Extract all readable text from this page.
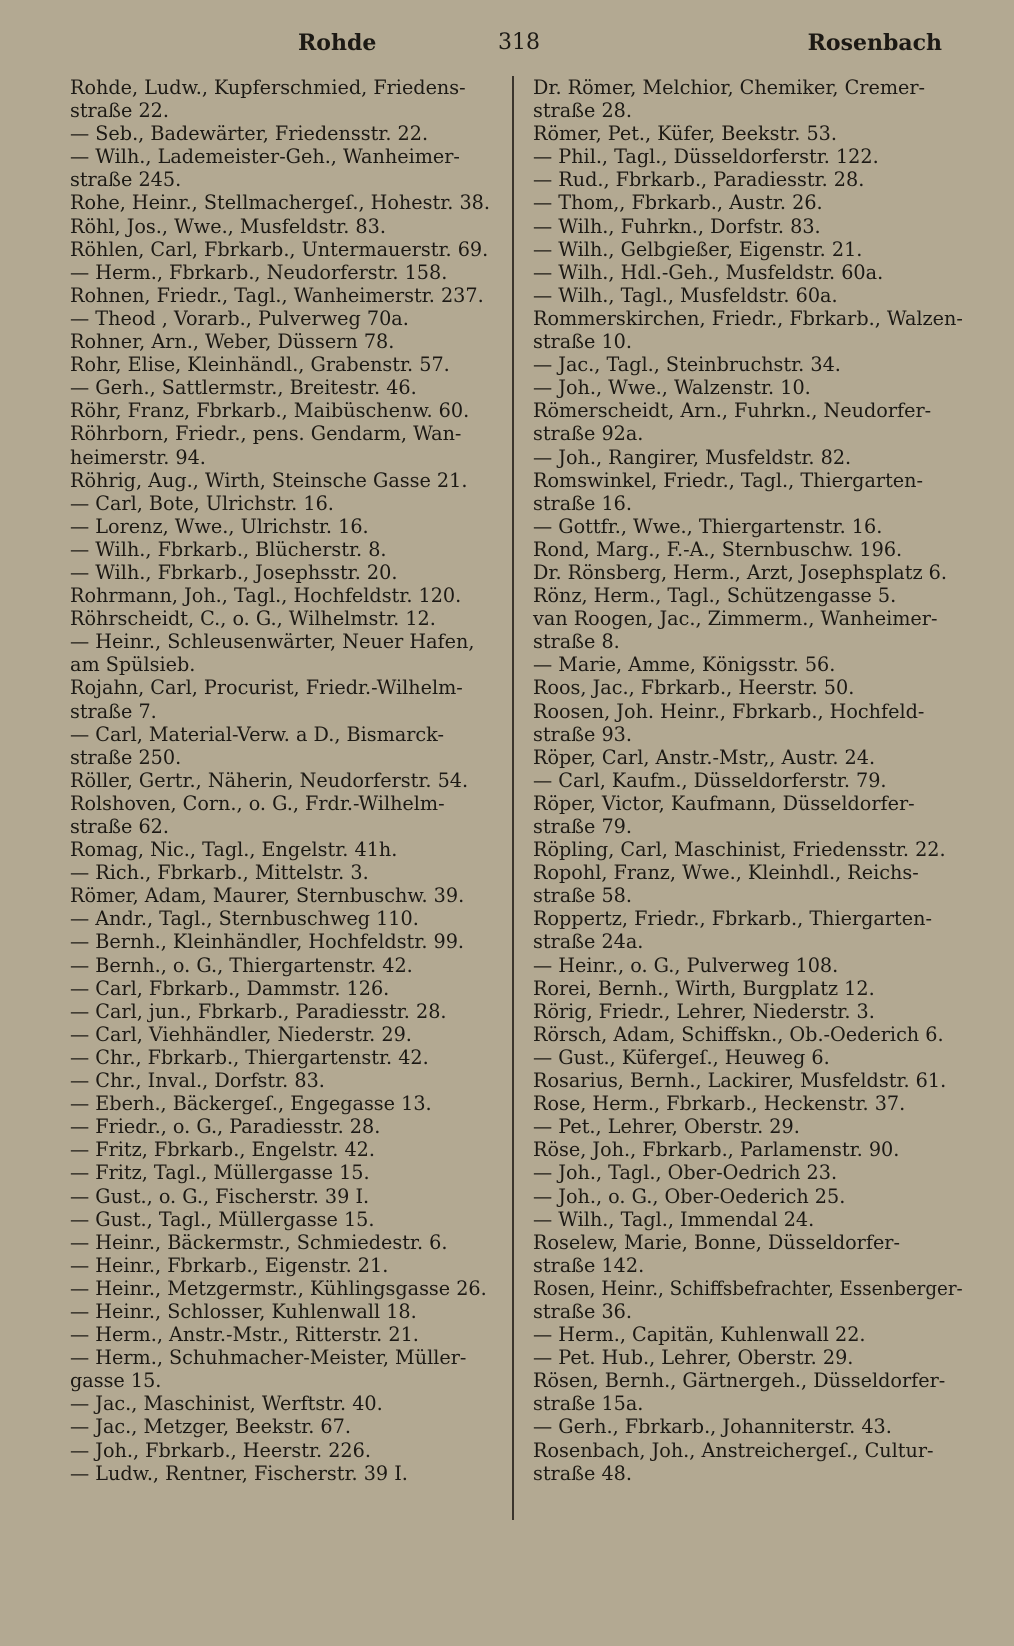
Rohde	318	Rosenbach
Rohde, Ludw., Kupferschmied, Friedens-
straße 22.
— Seb., Badewärter, Friedensstr. 22.
— Wilh., Lademeister-Geh., Wanheimer-
straße 245.
Rohe, Heinr., Stellmachergeſ., Hohestr. 38.
Röhl, Jos., Wwe., Musfeldstr. 83.
Röhlen, Carl, Fbrkarb., Untermauerstr. 69.
— Herm., Fbrkarb., Neudorferstr. 158.
Rohnen, Friedr., Tagl., Wanheimerstr. 237.
— Theod , Vorarb., Pulverweg 70a.
Rohner, Arn., Weber, Düssern 78.
Rohr, Elise, Kleinhändl., Grabenstr. 57.
— Gerh., Sattlermstr., Breitestr. 46.
Röhr, Franz, Fbrkarb., Maibüschenw. 60.
Röhrborn, Friedr., pens. Gendarm, Wan-
heimerstr. 94.
Röhrig, Aug., Wirth, Steinsche Gasse 21.
— Carl, Bote, Ulrichstr. 16.
— Lorenz, Wwe., Ulrichstr. 16.
— Wilh., Fbrkarb., Blücherstr. 8.
— Wilh., Fbrkarb., Josephsstr. 20.
Rohrmann, Joh., Tagl., Hochfeldstr. 120.
Röhrscheidt, C., o. G., Wilhelmstr. 12.
— Heinr., Schleusenwärter, Neuer Hafen,
am Spülsieb.
Rojahn, Carl, Procurist, Friedr.-Wilhelm-
straße 7.
— Carl, Material-Verw. a D., Bismarck-
straße 250.
Röller, Gertr., Näherin, Neudorferstr. 54.
Rolshoven, Corn., o. G., Frdr.-Wilhelm-
straße 62.
Romag, Nic., Tagl., Engelstr. 41h.
— Rich., Fbrkarb., Mittelstr. 3.
Römer, Adam, Maurer, Sternbuschw. 39.
— Andr., Tagl., Sternbuschweg 110.
— Bernh., Kleinhändler, Hochfeldstr. 99.
— Bernh., o. G., Thiergartenstr. 42.
— Carl, Fbrkarb., Dammstr. 126.
— Carl, jun., Fbrkarb., Paradiesstr. 28.
— Carl, Viehhändler, Niederstr. 29.
— Chr., Fbrkarb., Thiergartenstr. 42.
— Chr., Inval., Dorfstr. 83.
— Eberh., Bäckergeſ., Engegasse 13.
— Friedr., o. G., Paradiesstr. 28.
— Fritz, Fbrkarb., Engelstr. 42.
— Fritz, Tagl., Müllergasse 15.
— Gust., o. G., Fischerstr. 39 I.
— Gust., Tagl., Müllergasse 15.
— Heinr., Bäckermstr., Schmiedestr. 6.
— Heinr., Fbrkarb., Eigenstr. 21.
— Heinr., Metzgermstr., Kühlingsgasse 26.
— Heinr., Schlosser, Kuhlenwall 18.
— Herm., Anstr.-Mstr., Ritterstr. 21.
— Herm., Schuhmacher-Meister, Müller-
gasse 15.
— Jac., Maschinist, Werftstr. 40.
— Jac., Metzger, Beekstr. 67.
— Joh., Fbrkarb., Heerstr. 226.
— Ludw., Rentner, Fischerstr. 39 I.
Dr. Römer, Melchior, Chemiker, Cremer-
straße 28.
Römer, Pet., Küfer, Beekstr. 53.
— Phil., Tagl., Düsseldorferstr. 122.
— Rud., Fbrkarb., Paradiesstr. 28.
— Thom,, Fbrkarb., Austr. 26.
— Wilh., Fuhrkn., Dorfstr. 83.
— Wilh., Gelbgießer, Eigenstr. 21.
— Wilh., Hdl.-Geh., Musfeldstr. 60a.
— Wilh., Tagl., Musfeldstr. 60a.
Rommerskirchen, Friedr., Fbrkarb., Walzen-
straße 10.
— Jac., Tagl., Steinbruchstr. 34.
— Joh., Wwe., Walzenstr. 10.
Römerscheidt, Arn., Fuhrkn., Neudorfer-
straße 92a.
— Joh., Rangirer, Musfeldstr. 82.
Romswinkel, Friedr., Tagl., Thiergarten-
straße 16.
— Gottfr., Wwe., Thiergartenstr. 16.
Rond, Marg., F.-A., Sternbuschw. 196.
Dr. Rönsberg, Herm., Arzt, Josephsplatz 6.
Rönz, Herm., Tagl., Schützengasse 5.
van Roogen, Jac., Zimmerm., Wanheimer-
straße 8.
— Marie, Amme, Königsstr. 56.
Roos, Jac., Fbrkarb., Heerstr. 50.
Roosen, Joh. Heinr., Fbrkarb., Hochfeld-
straße 93.
Röper, Carl, Anstr.-Mstr,, Austr. 24.
— Carl, Kaufm., Düsseldorferstr. 79.
Röper, Victor, Kaufmann, Düsseldorfer-
straße 79.
Röpling, Carl, Maschinist, Friedensstr. 22.
Ropohl, Franz, Wwe., Kleinhdl., Reichs-
straße 58.
Roppertz, Friedr., Fbrkarb., Thiergarten-
straße 24a.
— Heinr., o. G., Pulverweg 108.
Rorei, Bernh., Wirth, Burgplatz 12.
Rörig, Friedr., Lehrer, Niederstr. 3.
Rörsch, Adam, Schiffskn., Ob.-Oederich 6.
— Gust., Küfergeſ., Heuweg 6.
Rosarius, Bernh., Lackirer, Musfeldstr. 61.
Rose, Herm., Fbrkarb., Heckenstr. 37.
— Pet., Lehrer, Oberstr. 29.
Röse, Joh., Fbrkarb., Parlamenstr. 90.
— Joh., Tagl., Ober-Oedrich 23.
— Joh., o. G., Ober-Oederich 25.
— Wilh., Tagl., Immendal 24.
Roselew, Marie, Bonne, Düsseldorfer-
straße 142.
Rosen, Heinr., Schiffsbefrachter, Essenberger-
straße 36.
— Herm., Capitän, Kuhlenwall 22.
— Pet. Hub., Lehrer, Oberstr. 29.
Rösen, Bernh., Gärtnergeh., Düsseldorfer-
straße 15a.
— Gerh., Fbrkarb., Johanniterstr. 43.
Rosenbach, Joh., Anstreichergeſ., Cultur-
straße 48.
